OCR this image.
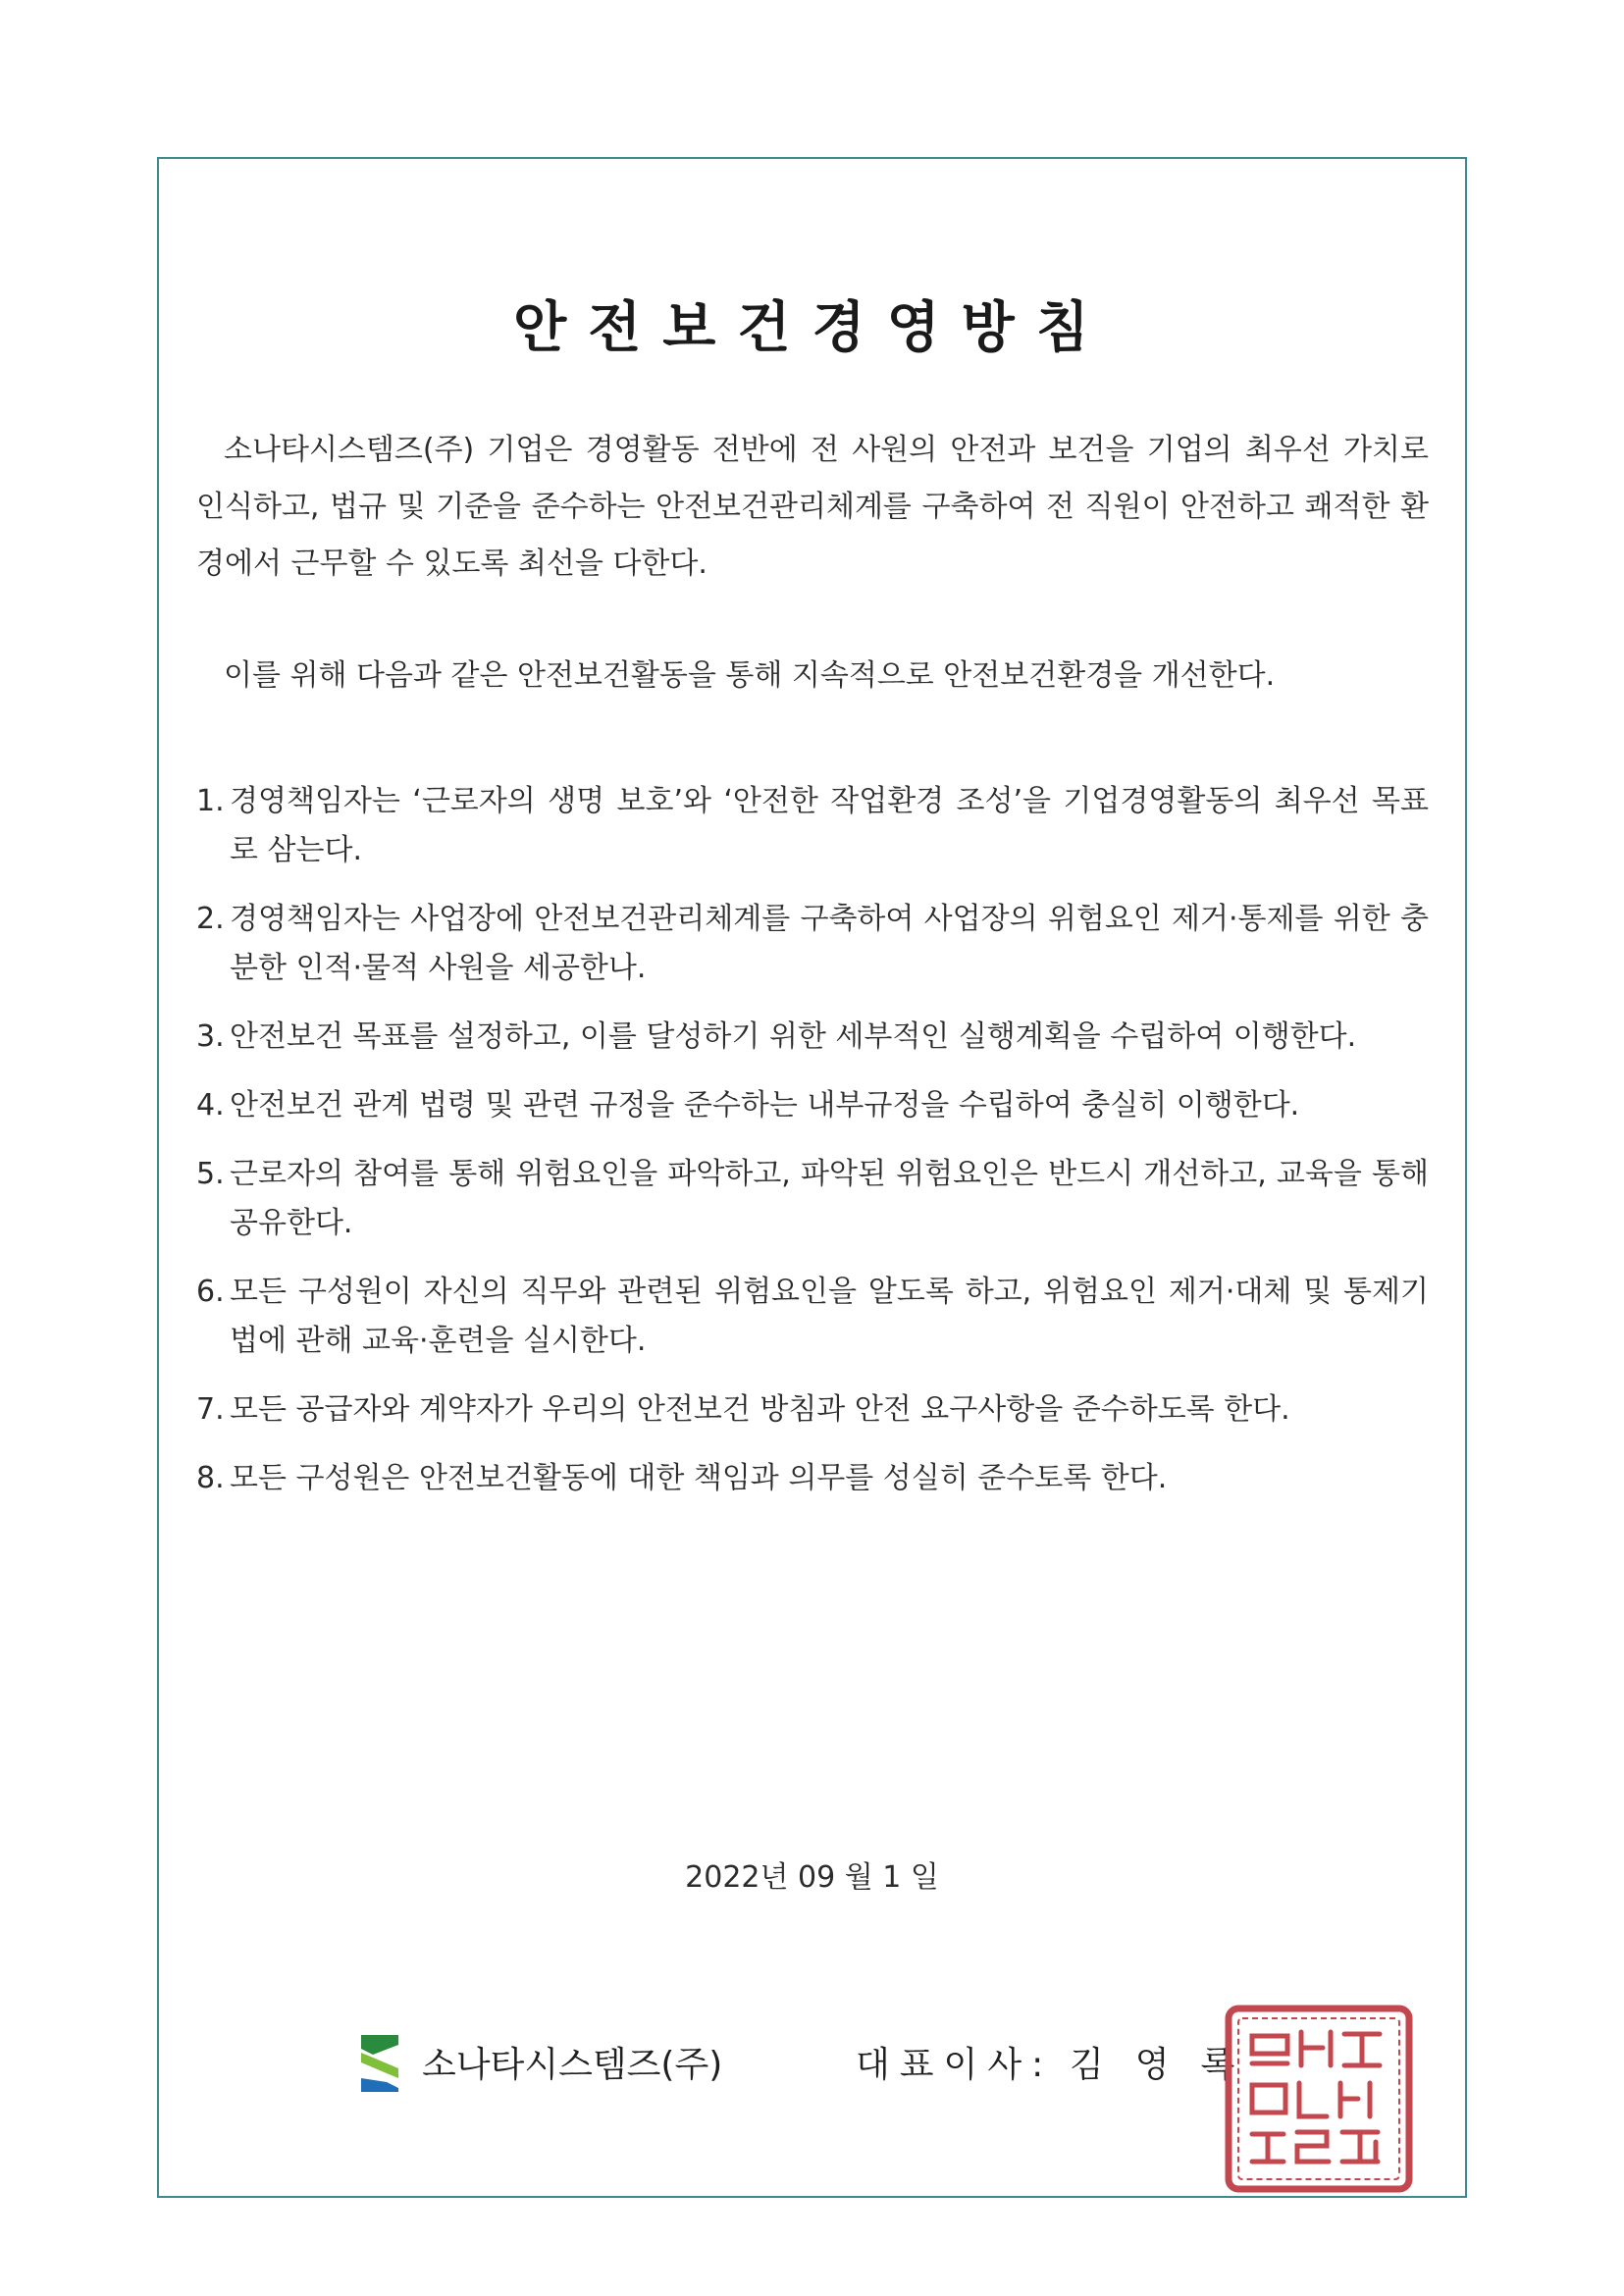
안전보건경영방침
소나타시스템즈(주) 기업은 경영활동 전반에 전 사원의 안전과 보건을 기업의 최우선 가치로 인식하고, 법규 및 기준을 준수하는 안전보건관리체계를 구축하여 전 직원이 안전하고 쾌적한 환경에서 근무할 수 있도록 최선을 다한다.
이를 위해 다음과 같은 안전보건활동을 통해 지속적으로 안전보건환경을 개선한다.
1. 경영책임자는 ‘근로자의 생명 보호’와 ‘안전한 작업환경 조성’을 기업경영활동의 최우선 목표로 삼는다.
2. 경영책임자는 사업장에 안전보건관리체계를 구축하여 사업장의 위험요인 제거·통제를 위한 충분한 인적·물적 사원을 세공한나.
3. 안전보건 목표를 설정하고, 이를 달성하기 위한 세부적인 실행계획을 수립하여 이행한다.
4. 안전보건 관계 법령 및 관련 규정을 준수하는 내부규정을 수립하여 충실히 이행한다.
5. 근로자의 참여를 통해 위험요인을 파악하고, 파악된 위험요인은 반드시 개선하고, 교육을 통해 공유한다.
6. 모든 구성원이 자신의 직무와 관련된 위험요인을 알도록 하고, 위험요인 제거·대체 및 통제기법에 관해 교육·훈련을 실시한다.
7. 모든 공급자와 계약자가 우리의 안전보건 방침과 안전 요구사항을 준수하도록 한다.
8. 모든 구성원은 안전보건활동에 대한 책임과 의무를 성실히 준수토록 한다.
2022년 09 월 1 일
소나타시스템즈(주)	대표이사: 김영록
